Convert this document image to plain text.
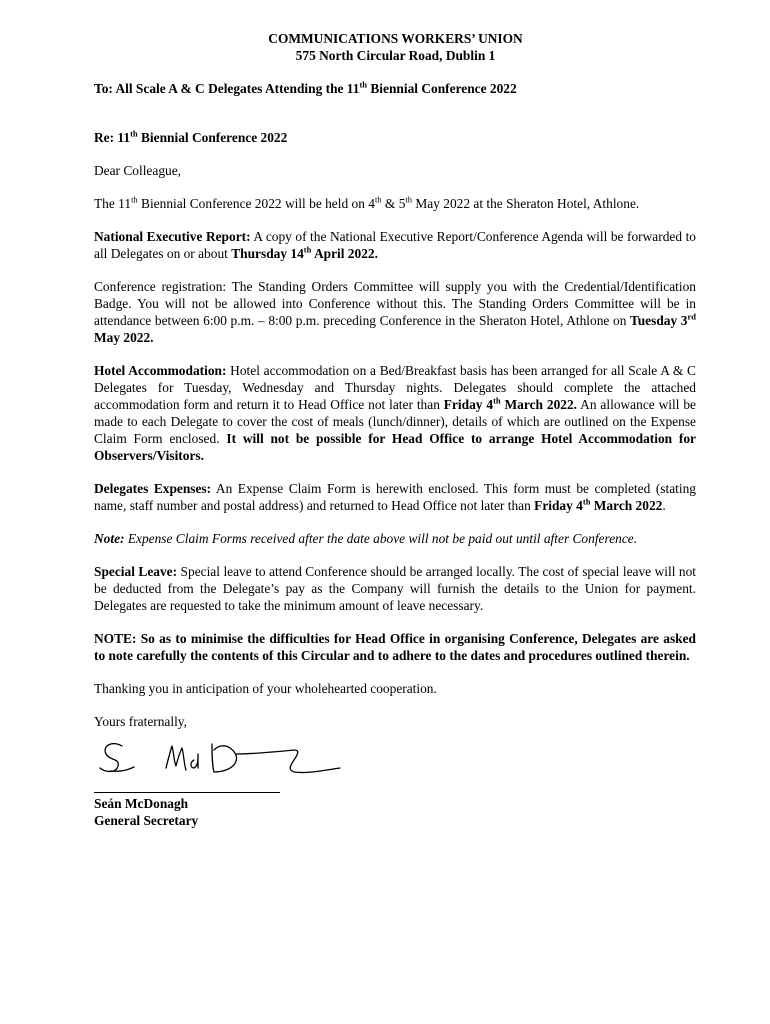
COMMUNICATIONS WORKERS’ UNION
575 North Circular Road, Dublin 1

To: All Scale A & C Delegates Attending the 11th Biennial Conference 2022

Re: 11th Biennial Conference 2022

Dear Colleague,

The 11th Biennial Conference 2022 will be held on 4th & 5th May 2022 at the Sheraton Hotel, Athlone.

National Executive Report: A copy of the National Executive Report/Conference Agenda will be forwarded to all Delegates on or about Thursday 14th April 2022.

Conference registration: The Standing Orders Committee will supply you with the Credential/Identification Badge. You will not be allowed into Conference without this. The Standing Orders Committee will be in attendance between 6:00 p.m. – 8:00 p.m. preceding Conference in the Sheraton Hotel, Athlone on Tuesday 3rd May 2022.

Hotel Accommodation: Hotel accommodation on a Bed/Breakfast basis has been arranged for all Scale A & C Delegates for Tuesday, Wednesday and Thursday nights. Delegates should complete the attached accommodation form and return it to Head Office not later than Friday 4th March 2022. An allowance will be made to each Delegate to cover the cost of meals (lunch/dinner), details of which are outlined on the Expense Claim Form enclosed. It will not be possible for Head Office to arrange Hotel Accommodation for Observers/Visitors.

Delegates Expenses: An Expense Claim Form is herewith enclosed. This form must be completed (stating name, staff number and postal address) and returned to Head Office not later than Friday 4th March 2022.

Note: Expense Claim Forms received after the date above will not be paid out until after Conference.

Special Leave: Special leave to attend Conference should be arranged locally. The cost of special leave will not be deducted from the Delegate’s pay as the Company will furnish the details to the Union for payment. Delegates are requested to take the minimum amount of leave necessary.

NOTE: So as to minimise the difficulties for Head Office in organising Conference, Delegates are asked to note carefully the contents of this Circular and to adhere to the dates and procedures outlined therein.

Thanking you in anticipation of your wholehearted cooperation.

Yours fraternally,

Seán McDonagh

General Secretary
